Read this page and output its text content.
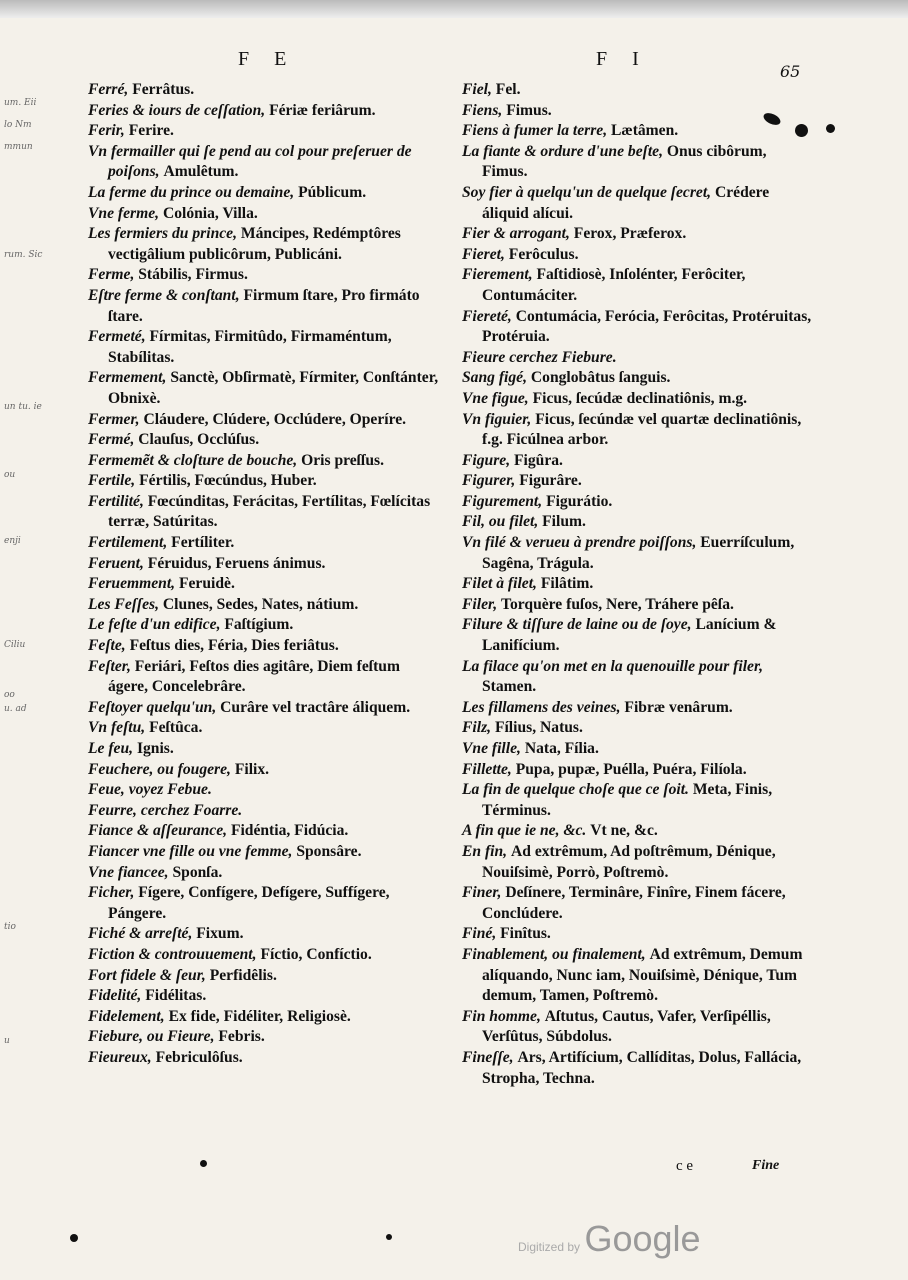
F E	F I
65
Ferré, Ferrâtus.
Feries & iours de ceſſation, Fériæ feriârum.
Ferir, Ferire.
Vn fermailler qui ſe pend au col pour preſeruer de poiſons, Amulêtum.
La ferme du prince ou demaine, Públicum.
Vne ferme, Colónia, Villa.
Les fermiers du prince, Máncipes, Redémptôres vectigâlium publicôrum, Publicáni.
Ferme, Stábilis, Firmus.
Eſtre ferme & conſtant, Firmum ſtare, Pro firmáto ſtare.
Fermeté, Fírmitas, Firmitûdo, Firmaméntum, Stabílitas.
Fermement, Sanctè, Obſirmatè, Fírmiter, Conſtánter, Obnixè.
Fermer, Cláudere, Clúdere, Occlúdere, Operíre.
Fermé, Clauſus, Occlúſus.
Fermemẽt & cloſture de bouche, Oris preſſus.
Fertile, Fértilis, Fœcúndus, Huber.
Fertilité, Fœcúnditas, Ferácitas, Fertílitas, Fœlícitas terræ, Satúritas.
Fertilement, Fertíliter.
Feruent, Féruidus, Feruens ánimus.
Feruemment, Feruidè.
Les Feſſes, Clunes, Sedes, Nates, nátium.
Le feſte d'un edifice, Faſtígium.
Feſte, Feſtus dies, Féria, Dies feriâtus.
Feſter, Feriári, Feſtos dies agitâre, Diem feſtum ágere, Concelebrâre.
Feſtoyer quelqu'un, Curâre vel tractâre áliquem.
Vn feſtu, Feſtûca.
Le feu, Ignis.
Feuchere, ou fougere, Filix.
Feue, voyez Febue.
Feurre, cerchez Foarre.
Fiance & aſſeurance, Fidéntia, Fidúcia.
Fiancer vne fille ou vne femme, Sponsâre.
Vne fiancee, Sponſa.
Ficher, Fígere, Confígere, Defígere, Suffígere, Pángere.
Fiché & arreſté, Fixum.
Fiction & controuuement, Fíctio, Confíctio.
Fort fidele & ſeur, Perfidêlis.
Fidelité, Fidélitas.
Fidelement, Ex fide, Fidéliter, Religiosè.
Fiebure, ou Fieure, Febris.
Fieureux, Febriculôſus.
Fiel, Fel.
Fiens, Fimus.
Fiens à fumer la terre, Lætâmen.
La fiante & ordure d'une beſte, Onus cibôrum, Fimus.
Soy fier à quelqu'un de quelque ſecret, Crédere áliquid alícui.
Fier & arrogant, Ferox, Præferox.
Fieret, Ferôculus.
Fierement, Faſtidiosè, Inſolénter, Ferôciter, Contumáciter.
Fiereté, Contumácia, Ferócia, Ferôcitas, Protéruitas, Protéruia.
Fieure cerchez Fiebure.
Sang figé, Conglobâtus ſanguis.
Vne figue, Ficus, ſecúdæ declinatiônis, m.g.
Vn figuier, Ficus, ſecúndæ vel quartæ declinatiônis, f.g. Ficúlnea arbor.
Figure, Figûra.
Figurer, Figurâre.
Figurement, Figurátio.
Fil, ou filet, Filum.
Vn filé & verueu à prendre poiſſons, Euerríſculum, Sagêna, Trágula.
Filet à filet, Filâtim.
Filer, Torquère fuſos, Nere, Tráhere pêſa.
Filure & tiſſure de laine ou de ſoye, Lanícium & Lanifícium.
La filace qu'on met en la quenouille pour filer, Stamen.
Les fillamens des veines, Fibræ venârum.
Filz, Fílius, Natus.
Vne fille, Nata, Fília.
Fillette, Pupa, pupæ, Puélla, Puéra, Filíola.
La fin de quelque choſe que ce ſoit. Meta, Finis, Términus.
A fin que ie ne, &c. Vt ne, &c.
En fin, Ad extrêmum, Ad poſtrêmum, Dénique, Nouiſsimè, Porrò, Poſtremò.
Finer, Deſínere, Terminâre, Finîre, Finem fácere, Conclúdere.
Finé, Finîtus.
Finablement, ou finalement, Ad extrêmum, Demum alíquando, Nunc iam, Nouiſsimè, Dénique, Tum demum, Tamen, Poſtremò.
Fin homme, Aſtutus, Cautus, Vafer, Verſipéllis, Verſûtus, Súbdolus.
Fineſſe, Ars, Artifícium, Callíditas, Dolus, Fallácia, Stropha, Techna.
um. Eii
lo Nm
mmun
rum. Sic
un tu. ie
ou
enji
Ciliu
oo
u. ad
tio
u
c e	Fine
Digitized by Google
